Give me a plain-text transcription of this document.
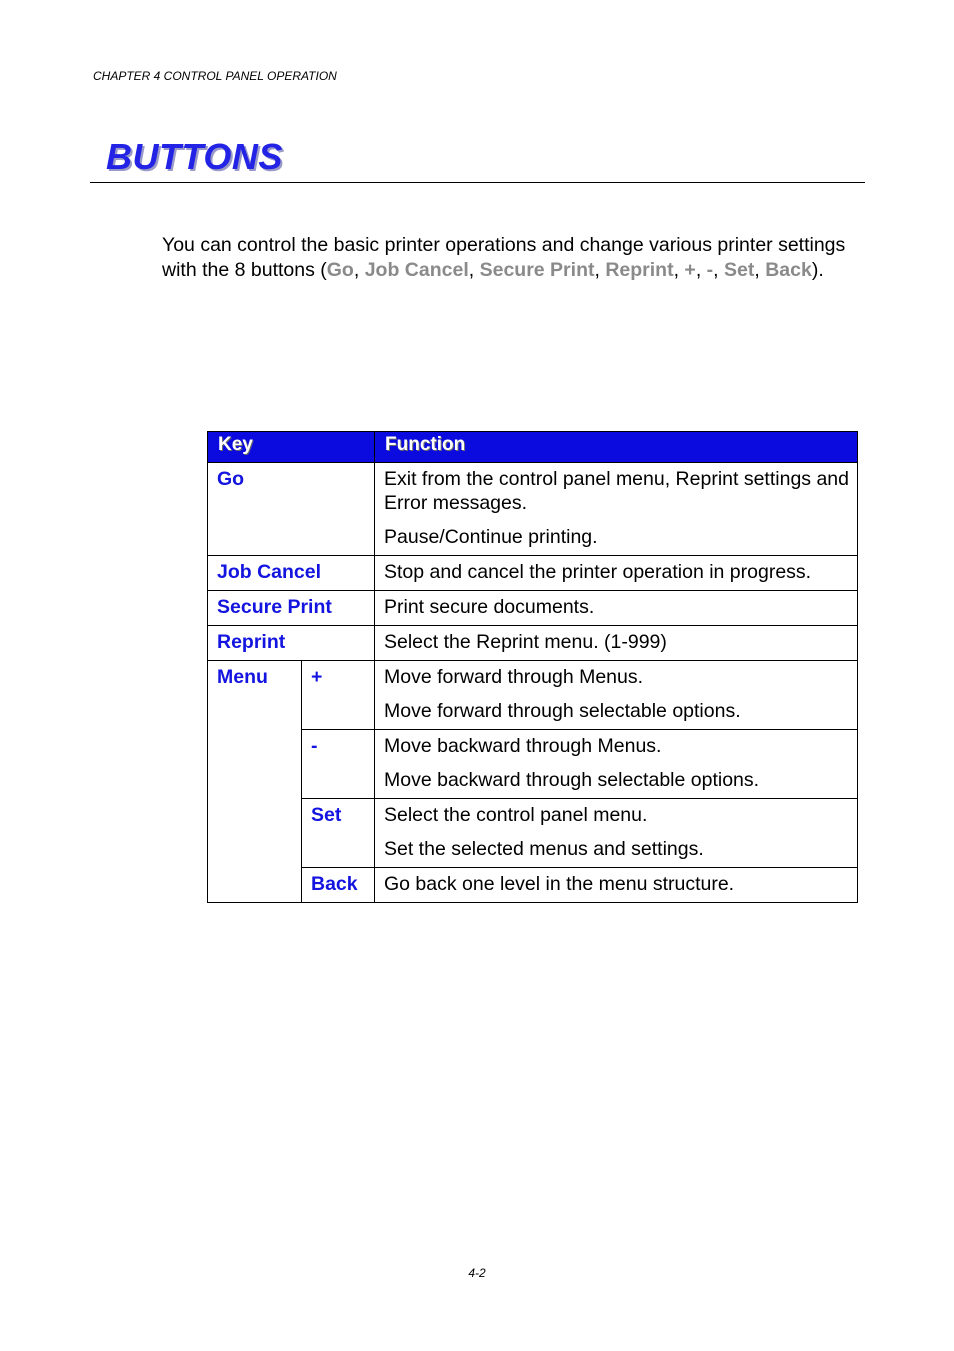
CHAPTER 4 CONTROL PANEL OPERATION
BUTTONS
You can control the basic printer operations and change various printer settings with the 8 buttons (Go, Job Cancel, Secure Print, Reprint, +, -, Set, Back).
Key		Function
Go		Exit from the control panel menu, Reprint settings and Error messages.

Pause/Continue printing.

Job Cancel		Stop and cancel the printer operation in progress.

Secure Print		Print secure documents.

Reprint		Select the Reprint menu. (1-999)

Menu	+	Move forward through Menus.

Move forward through selectable options.

	-	Move backward through Menus.

Move backward through selectable options.

	Set	Select the control panel menu.

Set the selected menus and settings.

	Back	Go back one level in the menu structure.

4-2
